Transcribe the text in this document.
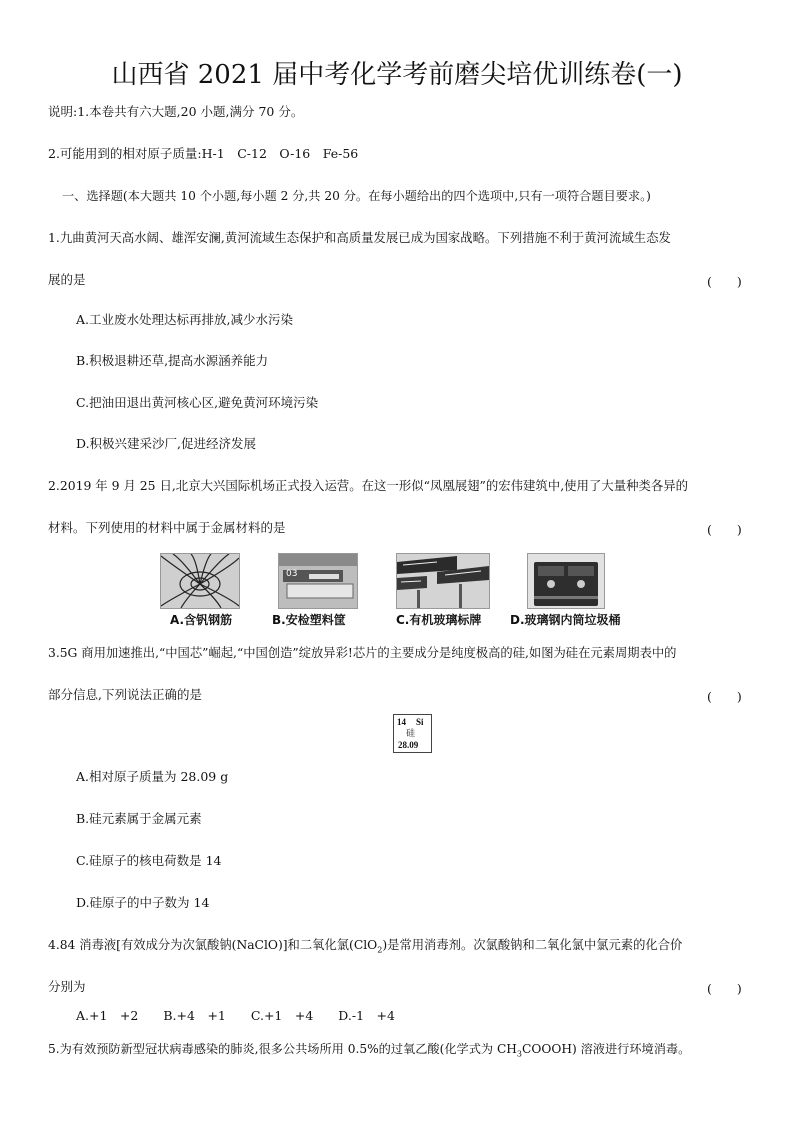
山西省 2021 届中考化学考前磨尖培优训练卷(一)
说明:1.本卷共有六大题,20 小题,满分 70 分。
2.可能用到的相对原子质量:H-1　C-12　O-16　Fe-56
一、选择题(本大题共 10 个小题,每小题 2 分,共 20 分。在每小题给出的四个选项中,只有一项符合题目要求。)
1.九曲黄河天高水阔、雄浑安澜,黄河流域生态保护和高质量发展已成为国家战略。下列措施不利于黄河流域生态发
展的是	(　　)
A.工业废水处理达标再排放,减少水污染
B.积极退耕还草,提高水源涵养能力
C.把油田退出黄河核心区,避免黄河环境污染
D.积极兴建采沙厂,促进经济发展
2.2019 年 9 月 25 日,北京大兴国际机场正式投入运营。在这一形似“凤凰展翅”的宏伟建筑中,使用了大量种类各异的
材料。下列使用的材料中属于金属材料的是	(　　)
03
A.含钒钢筋	B.安检塑料筐	C.有机玻璃标牌 D.玻璃钢内筒垃圾桶
3.5G 商用加速推出,“中国芯”崛起,“中国创造”绽放异彩!芯片的主要成分是纯度极高的硅,如图为硅在元素周期表中的
部分信息,下列说法正确的是	(　　)
14 Si
硅
28.09
A.相对原子质量为 28.09 g
B.硅元素属于金属元素
C.硅原子的核电荷数是 14
D.硅原子的中子数为 14
4.84 消毒液[有效成分为次氯酸钠(NaClO)]和二氧化氯(ClO$_2$)是常用消毒剂。次氯酸钠和二氧化氯中氯元素的化合价
分别为	(　　)
A.+1　+2　　B.+4　+1　　C.+1　+4　　D.-1　+4
5.为有效预防新型冠状病毒感染的肺炎,很多公共场所用 0.5%的过氧乙酸(化学式为 $CH_3COOOH$) 溶液进行环境消毒。
